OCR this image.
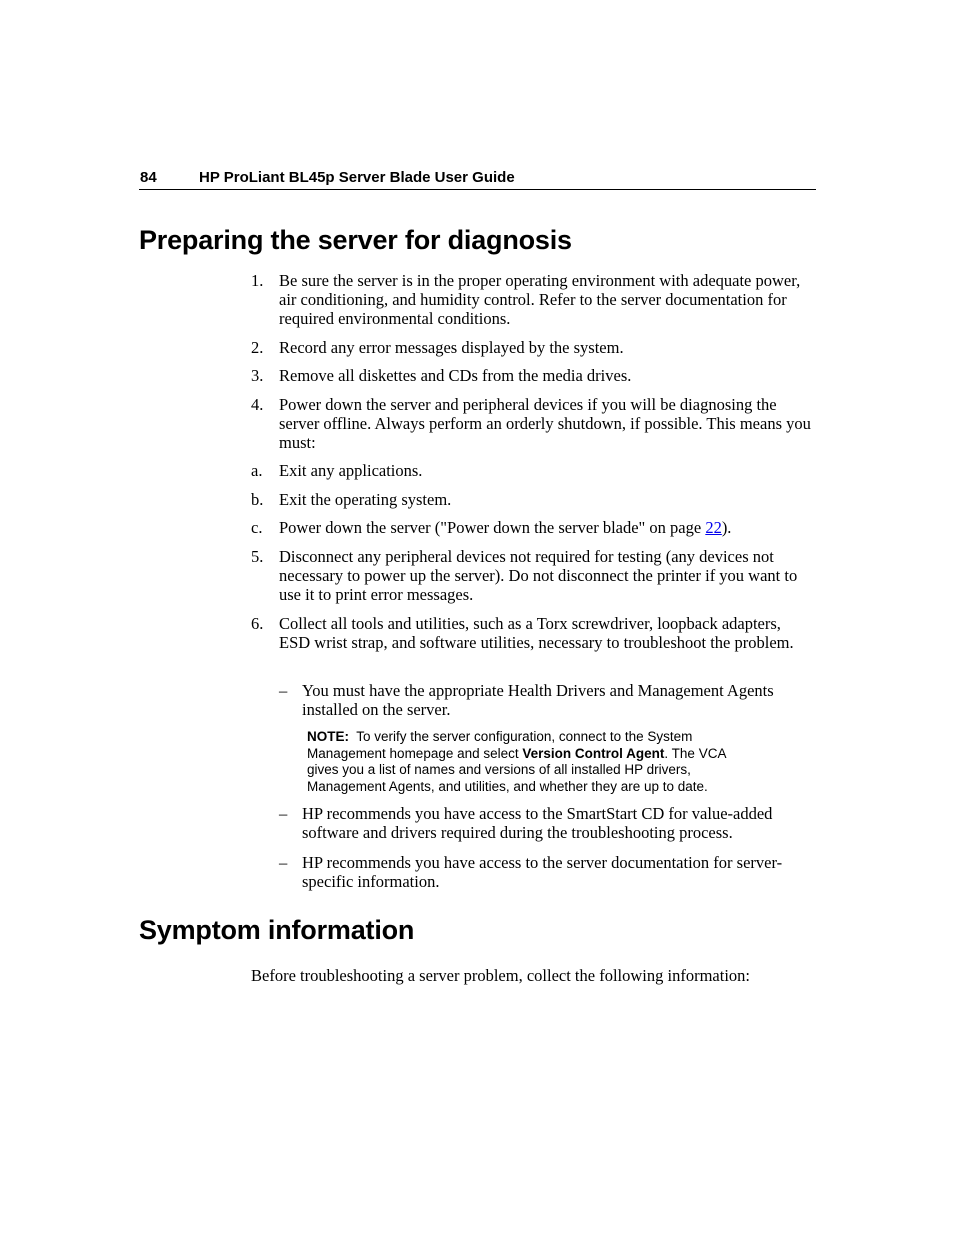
84	HP ProLiant BL45p Server Blade User Guide
Preparing the server for diagnosis
1. Be sure the server is in the proper operating environment with adequate power, air conditioning, and humidity control. Refer to the server documentation for required environmental conditions.
2. Record any error messages displayed by the system.
3. Remove all diskettes and CDs from the media drives.
4. Power down the server and peripheral devices if you will be diagnosing the server offline. Always perform an orderly shutdown, if possible. This means you must:
a. Exit any applications.
b. Exit the operating system.
c. Power down the server ("Power down the server blade" on page 22).
5. Disconnect any peripheral devices not required for testing (any devices not necessary to power up the server). Do not disconnect the printer if you want to use it to print error messages.
6. Collect all tools and utilities, such as a Torx screwdriver, loopback adapters, ESD wrist strap, and software utilities, necessary to troubleshoot the problem.
– You must have the appropriate Health Drivers and Management Agents installed on the server.
NOTE: To verify the server configuration, connect to the System Management homepage and select Version Control Agent. The VCA gives you a list of names and versions of all installed HP drivers, Management Agents, and utilities, and whether they are up to date.
– HP recommends you have access to the SmartStart CD for value-added software and drivers required during the troubleshooting process.
– HP recommends you have access to the server documentation for server-specific information.
Symptom information
Before troubleshooting a server problem, collect the following information:
